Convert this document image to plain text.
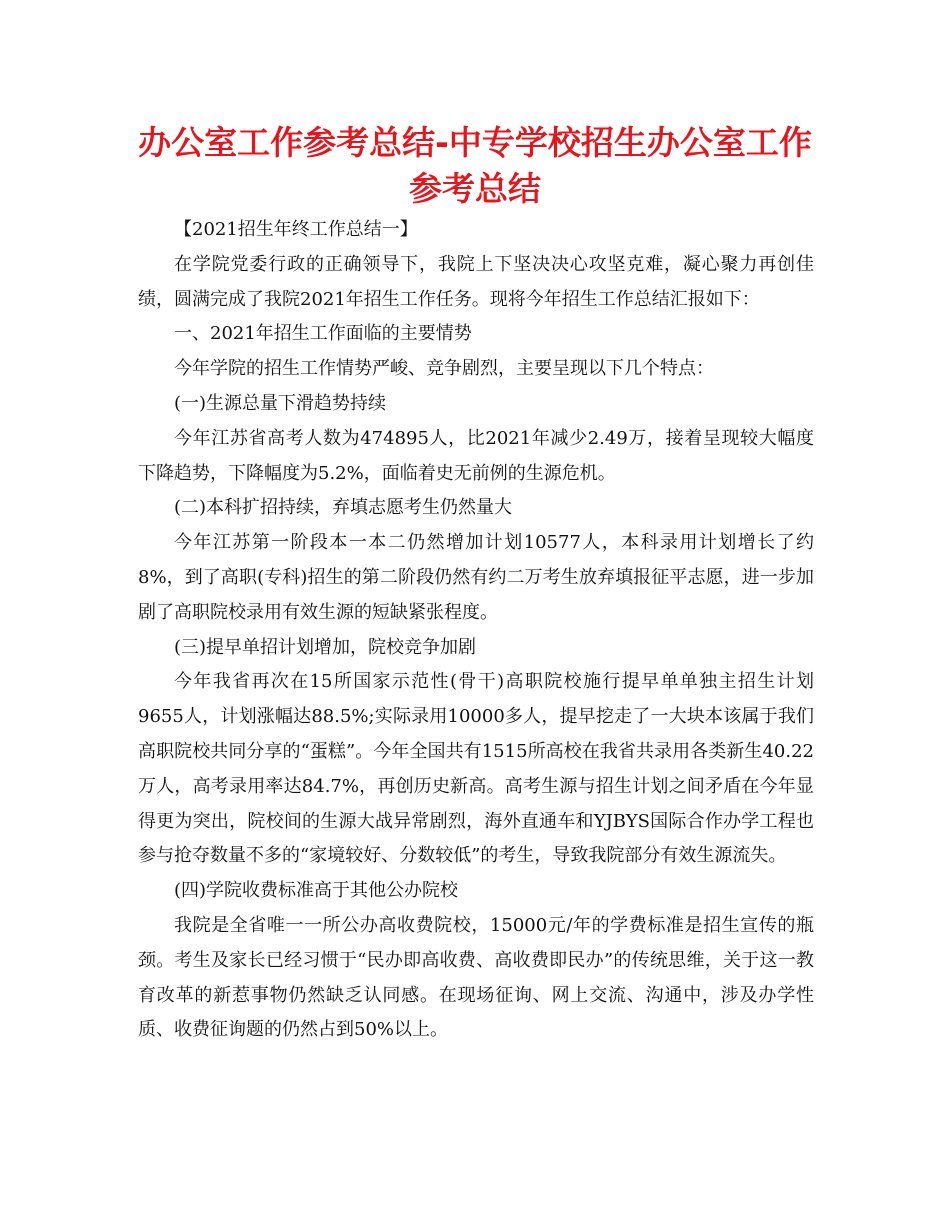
办公室工作参考总结-中专学校招生办公室工作参考总结

【2021招生年终工作总结一】

在学院党委行政的正确领导下，我院上下坚决决心攻坚克难，凝心聚力再创佳绩，圆满完成了我院2021年招生工作任务。现将今年招生工作总结汇报如下：

一、2021年招生工作面临的主要情势

今年学院的招生工作情势严峻、竞争剧烈，主要呈现以下几个特点：

(一)生源总量下滑趋势持续

今年江苏省高考人数为474895人，比2021年减少2.49万，接着呈现较大幅度下降趋势，下降幅度为5.2%，面临着史无前例的生源危机。

(二)本科扩招持续，弃填志愿考生仍然量大

今年江苏第一阶段本一本二仍然增加计划10577人，本科录用计划增长了约8%，到了高职(专科)招生的第二阶段仍然有约二万考生放弃填报征平志愿，进一步加剧了高职院校录用有效生源的短缺紧张程度。

(三)提早单招计划增加，院校竞争加剧

今年我省再次在15所国家示范性(骨干)高职院校施行提早单单独主招生计划9655人，计划涨幅达88.5%;实际录用10000多人，提早挖走了一大块本该属于我们高职院校共同分享的“蛋糕”。今年全国共有1515所高校在我省共录用各类新生40.22万人，高考录用率达84.7%，再创历史新高。高考生源与招生计划之间矛盾在今年显得更为突出，院校间的生源大战异常剧烈，海外直通车和YJBYS国际合作办学工程也参与抢夺数量不多的“家境较好、分数较低”的考生，导致我院部分有效生源流失。

(四)学院收费标准高于其他公办院校

我院是全省唯一一所公办高收费院校，15000元/年的学费标准是招生宣传的瓶颈。考生及家长已经习惯于“民办即高收费、高收费即民办”的传统思维，关于这一教育改革的新惹事物仍然缺乏认同感。在现场征询、网上交流、沟通中，涉及办学性质、收费征询题的仍然占到50%以上。
